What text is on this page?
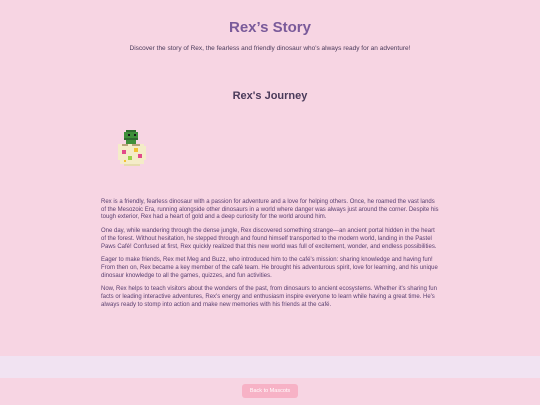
Rex’s Story
Discover the story of Rex, the fearless and friendly dinosaur who's always ready for an adventure!
Rex's Journey

Rex is a friendly, fearless dinosaur with a passion for adventure and a love for helping others. Once, he roamed the vast lands of the Mesozoic Era, running alongside other dinosaurs in a world where danger was always just around the corner. Despite his tough exterior, Rex had a heart of gold and a deep curiosity for the world around him.

One day, while wandering through the dense jungle, Rex discovered something strange—an ancient portal hidden in the heart of the forest. Without hesitation, he stepped through and found himself transported to the modern world, landing in the Pastel Paws Café! Confused at first, Rex quickly realized that this new world was full of excitement, wonder, and endless possibilities.

Eager to make friends, Rex met Meg and Buzz, who introduced him to the café's mission: sharing knowledge and having fun! From then on, Rex became a key member of the café team. He brought his adventurous spirit, love for learning, and his unique dinosaur knowledge to all the games, quizzes, and fun activities.

Now, Rex helps to teach visitors about the wonders of the past, from dinosaurs to ancient ecosystems. Whether it's sharing fun facts or leading interactive adventures, Rex's energy and enthusiasm inspire everyone to learn while having a great time. He's always ready to stomp into action and make new memories with his friends at the café.

Back to Mascots
